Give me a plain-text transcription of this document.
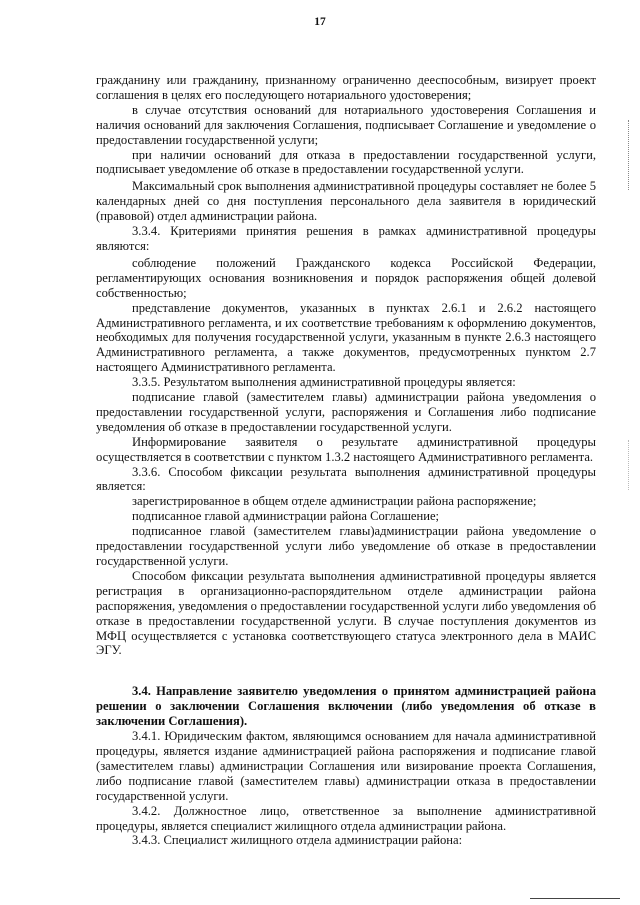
17

гражданину или гражданину, признанному ограниченно дееспособным, визирует проект соглашения в целях его последующего нотариального удостоверения;

в случае отсутствия оснований для нотариального удостоверения Соглашения и наличия оснований для заключения Соглашения, подписывает Соглашение и уведомление о предоставлении государственной услуги;

при наличии оснований для отказа в предоставлении государственной услуги, подписывает уведомление об отказе в предоставлении государственной услуги.

Максимальный срок выполнения административной процедуры составляет не более 5 календарных дней со дня поступления персонального дела заявителя в юридический (правовой) отдел администрации района.

3.3.4. Критериями принятия решения в рамках административной процедуры являются:

соблюдение положений Гражданского кодекса Российской Федерации, регламентирующих основания возникновения и порядок распоряжения общей долевой собственностью;

представление документов, указанных в пунктах 2.6.1 и 2.6.2 настоящего Административного регламента, и их соответствие требованиям к оформлению документов, необходимых для получения государственной услуги, указанным в пункте 2.6.3 настоящего Административного регламента, а также документов, предусмотренных пунктом 2.7 настоящего Административного регламента.

3.3.5. Результатом выполнения административной процедуры является:

подписание главой (заместителем главы) администрации района уведомления о предоставлении государственной услуги, распоряжения и Соглашения либо подписание уведомления об отказе в предоставлении государственной услуги.

Информирование заявителя о результате административной процедуры осуществляется в соответствии с пунктом 1.3.2 настоящего Административного регламента.

3.3.6. Способом фиксации результата выполнения административной процедуры является:

зарегистрированное в общем отделе администрации района распоряжение;

подписанное главой администрации района Соглашение;

подписанное главой (заместителем главы)администрации района уведомление о предоставлении государственной услуги либо уведомление об отказе в предоставлении государственной услуги.

Способом фиксации результата выполнения административной процедуры является регистрация в организационно-распорядительном отделе администрации района распоряжения, уведомления о предоставлении государственной услуги либо уведомления об отказе в предоставлении государственной услуги. В случае поступления документов из МФЦ осуществляется с установка соответствующего статуса электронного дела в МАИС ЭГУ.

3.4. Направление заявителю уведомления о принятом администрацией района решении о заключении Соглашения включении (либо уведомления об отказе в заключении Соглашения).

3.4.1. Юридическим фактом, являющимся основанием для начала административной процедуры, является издание администрацией района распоряжения и подписание главой (заместителем главы) администрации Соглашения или визирование проекта Соглашения, либо подписание главой (заместителем главы) администрации отказа в предоставлении государственной услуги.

3.4.2. Должностное лицо, ответственное за выполнение административной процедуры, является специалист жилищного отдела администрации района.

3.4.3. Специалист жилищного отдела администрации района:
